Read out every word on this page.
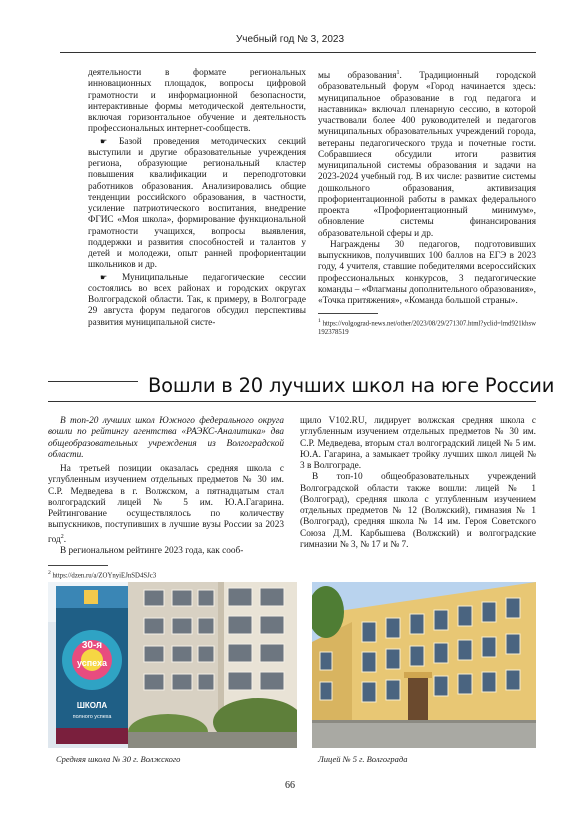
Учебный год № 3, 2023

деятельности в формате региональных инновационных площадок, вопросы цифровой грамотности и информационной безопасности, интерактивные формы методической деятельности, включая горизонтальное обучение и деятельность профессиональных интернет-сообществ.

☛ Базой проведения методических секций выступили и другие образовательные учреждения региона, образующие региональный кластер повышения квалификации и переподготовки работников образования. Анализировались общие тенденции российского образования, в частности, усиление патриотического воспитания, внедрение ФГИС «Моя школа», формирование функциональной грамотности учащихся, вопросы выявления, поддержки и развития способностей и талантов у детей и молодежи, опыт ранней профориентации школьников и др.

☛ Муниципальные педагогические сессии состоялись во всех районах и городских округах Волгоградской области. Так, к примеру, в Волгограде 29 августа форум педагогов обсудил перспективы развития муниципальной систе-

мы образования$^1$. Традиционный городской образовательный форум «Город начинается здесь: муниципальное образование в год педагога и наставника» включал пленарную сессию, в которой участвовали более 400 руководителей и педагогов муниципальных образовательных учреждений города, ветераны педагогического труда и почетные гости. Собравшиеся обсудили итоги развития муниципальной системы образования и задачи на 2023-2024 учебный год. В их числе: развитие системы дошкольного образования, активизация профориентационной работы в рамках федерального проекта «Профориентационный минимум», обновление системы финансирования образовательной сферы и др.

Награждены 30 педагогов, подготовивших выпускников, получивших 100 баллов на ЕГЭ в 2023 году, 4 учителя, ставшие победителями всероссийских профессиональных конкурсов, 3 педагогические команды – «Флагманы дополнительного образования», «Точка притяжения», «Команда большой страны».

$^1$ https://volgograd-news.net/other/2023/08/29/271307.html?yclid=lmd921khsw192378519
Вошли в 20 лучших школ на юге России

В топ-20 лучших школ Южного федерального округа вошли по рейтингу агентства «РАЭКС-Аналитика» два общеобразовательных учреждения из Волгоградской области.

На третьей позиции оказалась средняя школа с углубленным изучением отдельных предметов № 30 им. С.Р. Медведева в г. Волжском, а пятнадцатым стал волгоградский лицей № 5 им. Ю.А.Гагарина. Рейтингование осуществлялось по количеству выпускников, поступивших в лучшие вузы России за 2023 год$^2$.

В региональном рейтинге 2023 года, как сооб-

$^2$ https://dzen.ru/a/ZOYnyiEJnSD4SJc3

щило V102.RU, лидирует волжская средняя школа с углубленным изучением отдельных предметов № 30 им. С.Р. Медведева, вторым стал волгоградский лицей № 5 им. Ю.А. Гагарина, а замыкает тройку лучших школ лицей № 3 в Волгограде.

В топ-10 общеобразовательных учреждений Волгоградской области также вошли: лицей № 1 (Волгоград), средняя школа с углубленным изучением отдельных предметов № 12 (Волжский), гимназия № 1 (Волгоград), средняя школа № 14 им. Героя Советского Союза Д.М. Карбышева (Волжский) и волгоградские гимназии № 3, № 17 и № 7.

30-я
успеха
ШКОЛА
полного успеха
Средняя школа № 30 г. Волжского	Лицей № 5 г. Волгограда
66
